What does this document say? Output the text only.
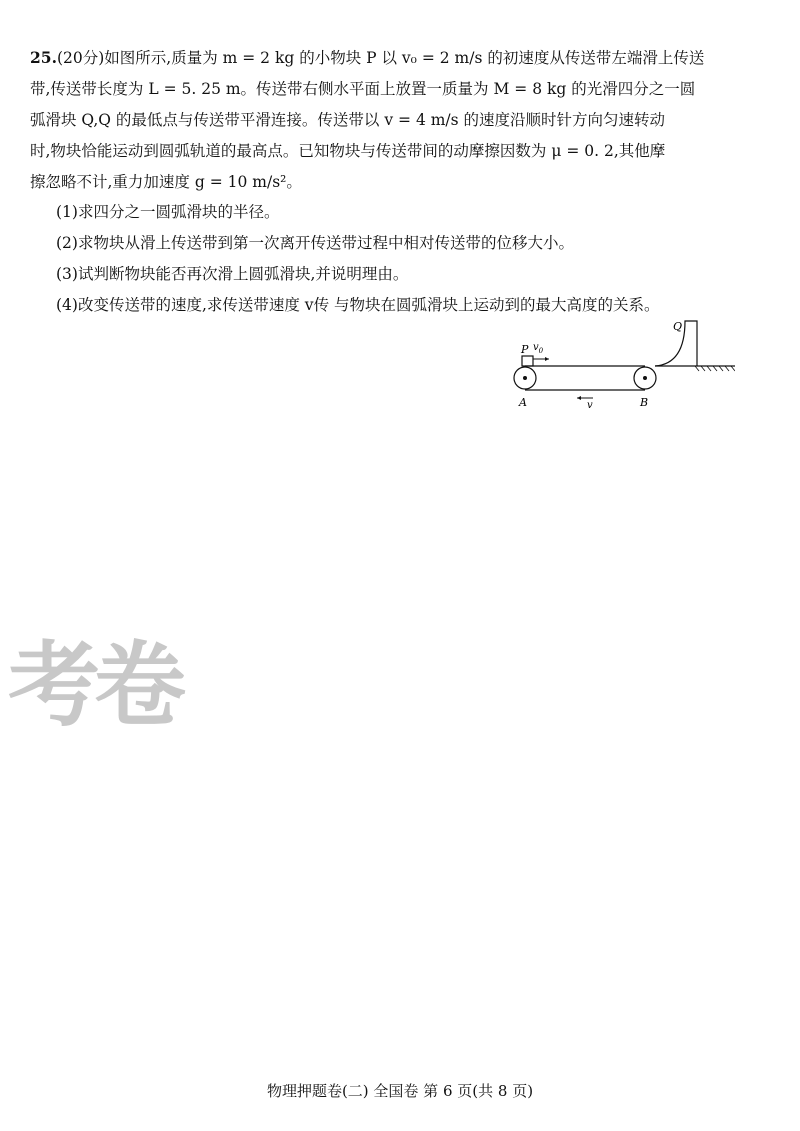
25.(20分)如图所示,质量为 m = 2 kg 的小物块 P 以 v₀ = 2 m/s 的初速度从传送带左端滑上传送
带,传送带长度为 L = 5. 25 m。传送带右侧水平面上放置一质量为 M = 8 kg 的光滑四分之一圆
弧滑块 Q,Q 的最低点与传送带平滑连接。传送带以 v = 4 m/s 的速度沿顺时针方向匀速转动
时,物块恰能运动到圆弧轨道的最高点。已知物块与传送带间的动摩擦因数为 μ = 0. 2,其他摩
擦忽略不计,重力加速度 g = 10 m/s²。
(1)求四分之一圆弧滑块的半径。
(2)求物块从滑上传送带到第一次离开传送带过程中相对传送带的位移大小。
(3)试判断物块能否再次滑上圆弧滑块,并说明理由。
(4)改变传送带的速度,求传送带速度 v传 与物块在圆弧滑块上运动到的最大高度的关系。
P $v_0$
Q
A	B
v
考卷
物理押题卷(二) 全国卷 第 6 页(共 8 页)
